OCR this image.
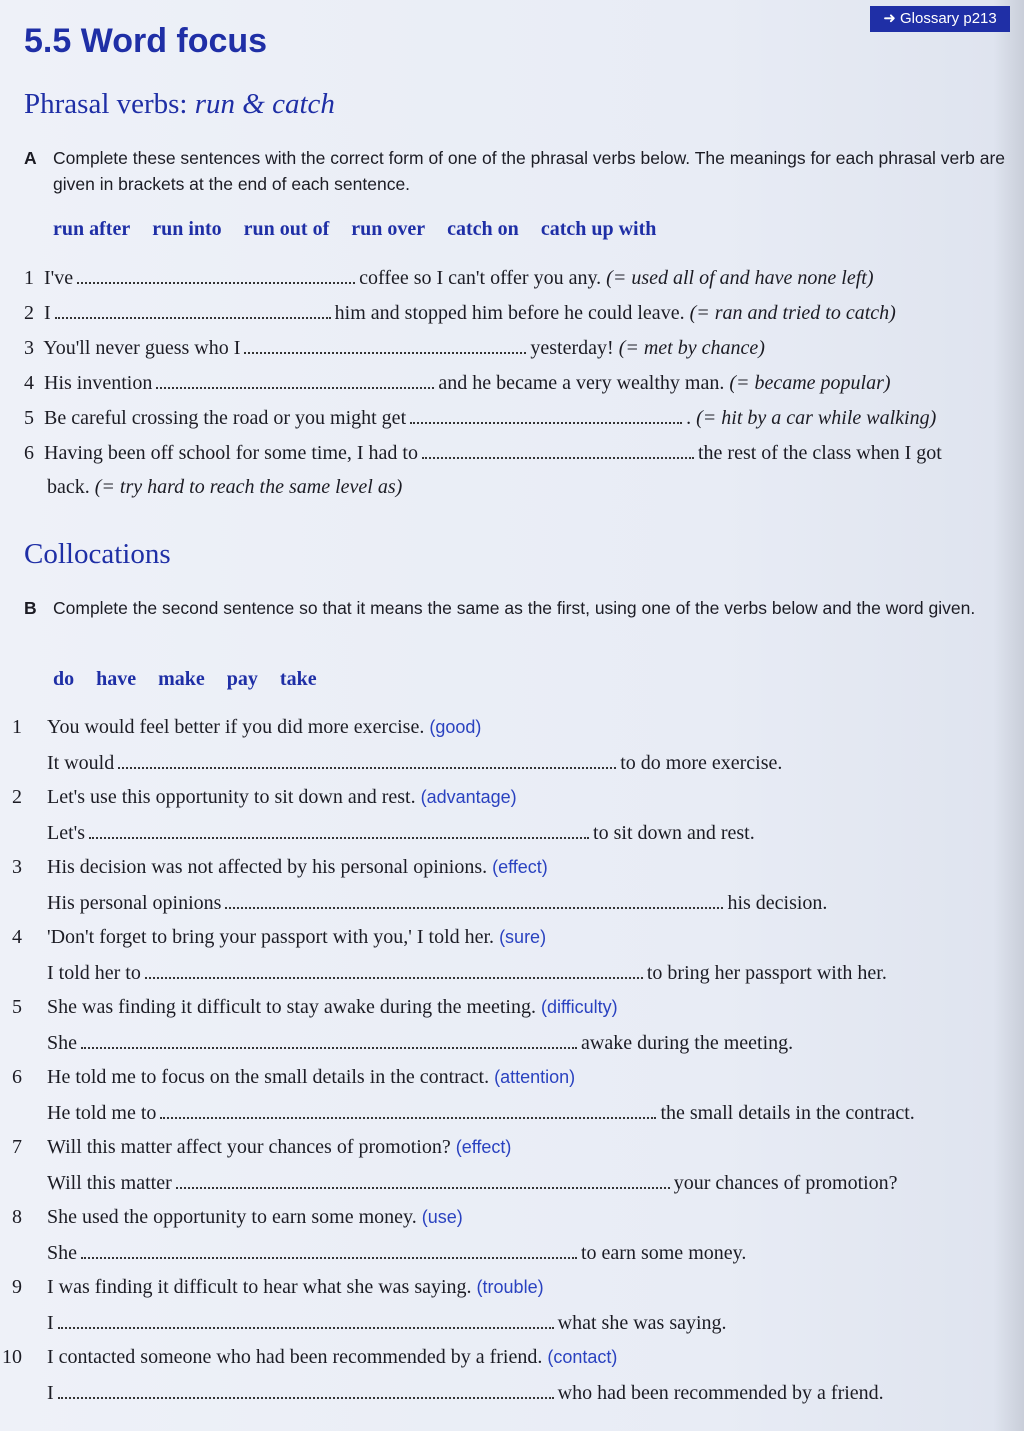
➜ Glossary p213
5.5 Word focus
Phrasal verbs: run & catch
A Complete these sentences with the correct form of one of the phrasal verbs below. The meanings for each phrasal verb are given in brackets at the end of each sentence.
run after run into run out of run over catch on catch up with
1 I've	coffee so I can't offer you any. (= used all of and have none left)
2 I	him and stopped him before he could leave. (= ran and tried to catch)
3 You'll never guess who I	yesterday! (= met by chance)
4 His invention	and he became a very wealthy man. (= became popular)
5 Be careful crossing the road or you might get	. (= hit by a car while walking)
6 Having been off school for some time, I had to	the rest of the class when I got
back. (= try hard to reach the same level as)
Collocations
B Complete the second sentence so that it means the same as the first, using one of the verbs below and the word given.
do have make pay take
1 You would feel better if you did more exercise. (good)
It would	to do more exercise.
2 Let's use this opportunity to sit down and rest. (advantage)
Let's	to sit down and rest.
3 His decision was not affected by his personal opinions. (effect)
His personal opinions	his decision.
4 'Don't forget to bring your passport with you,' I told her. (sure)
I told her to	to bring her passport with her.
5 She was finding it difficult to stay awake during the meeting. (difficulty)
She	awake during the meeting.
6 He told me to focus on the small details in the contract. (attention)
He told me to	the small details in the contract.
7 Will this matter affect your chances of promotion? (effect)
Will this matter	your chances of promotion?
8 She used the opportunity to earn some money. (use)
She	to earn some money.
9 I was finding it difficult to hear what she was saying. (trouble)
I	what she was saying.
10 I contacted someone who had been recommended by a friend. (contact)
I	who had been recommended by a friend.
